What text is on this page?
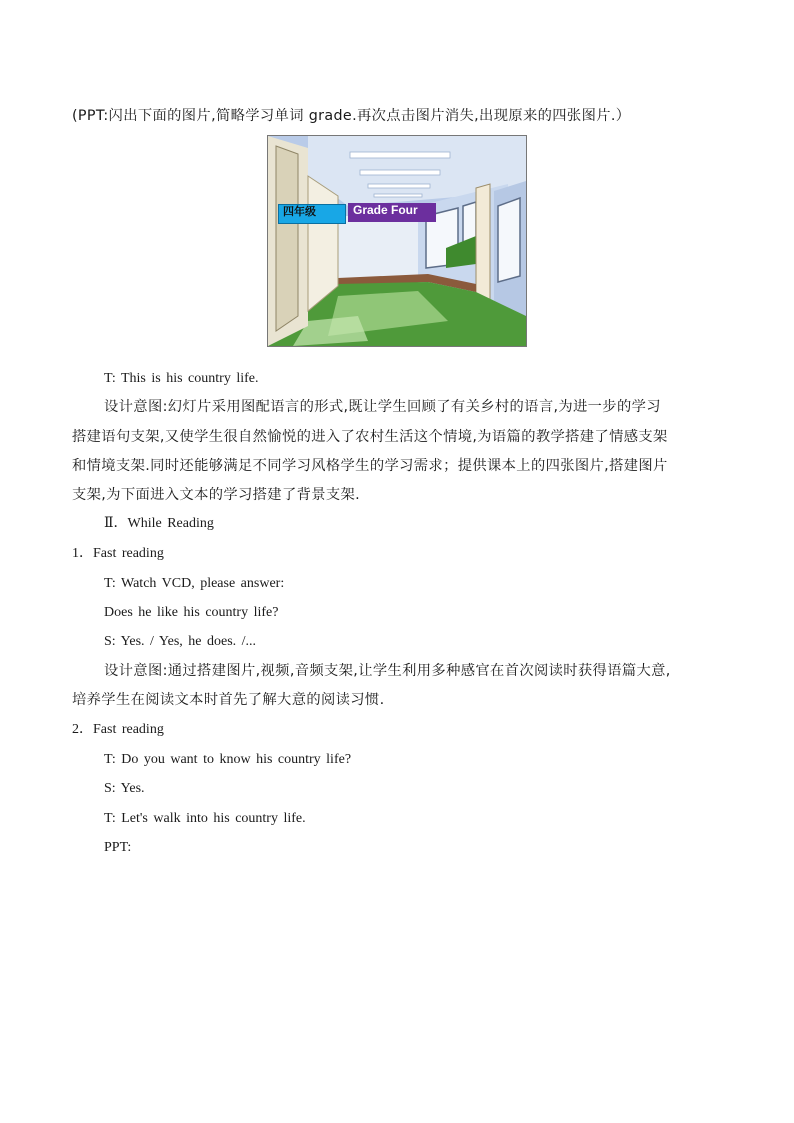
(PPT:闪出下面的图片,简略学习单词 grade.再次点击图片消失,出现原来的四张图片.）
四年级	Grade Four
T: This is his country life.
设计意图:幻灯片采用图配语言的形式,既让学生回顾了有关乡村的语言,为进一步的学习
搭建语句支架,又使学生很自然愉悦的进入了农村生活这个情境,为语篇的教学搭建了情感支架
和情境支架.同时还能够满足不同学习风格学生的学习需求；提供课本上的四张图片,搭建图片
支架,为下面进入文本的学习搭建了背景支架.
Ⅱ．While Reading
1．Fast reading
T: Watch VCD, please answer:
Does he like his country life?
S: Yes. / Yes, he does. /...
设计意图:通过搭建图片,视频,音频支架,让学生利用多种感官在首次阅读时获得语篇大意,
培养学生在阅读文本时首先了解大意的阅读习惯.
2．Fast reading
T: Do you want to know his country life?
S: Yes.
T: Let's walk into his country life.
PPT:
